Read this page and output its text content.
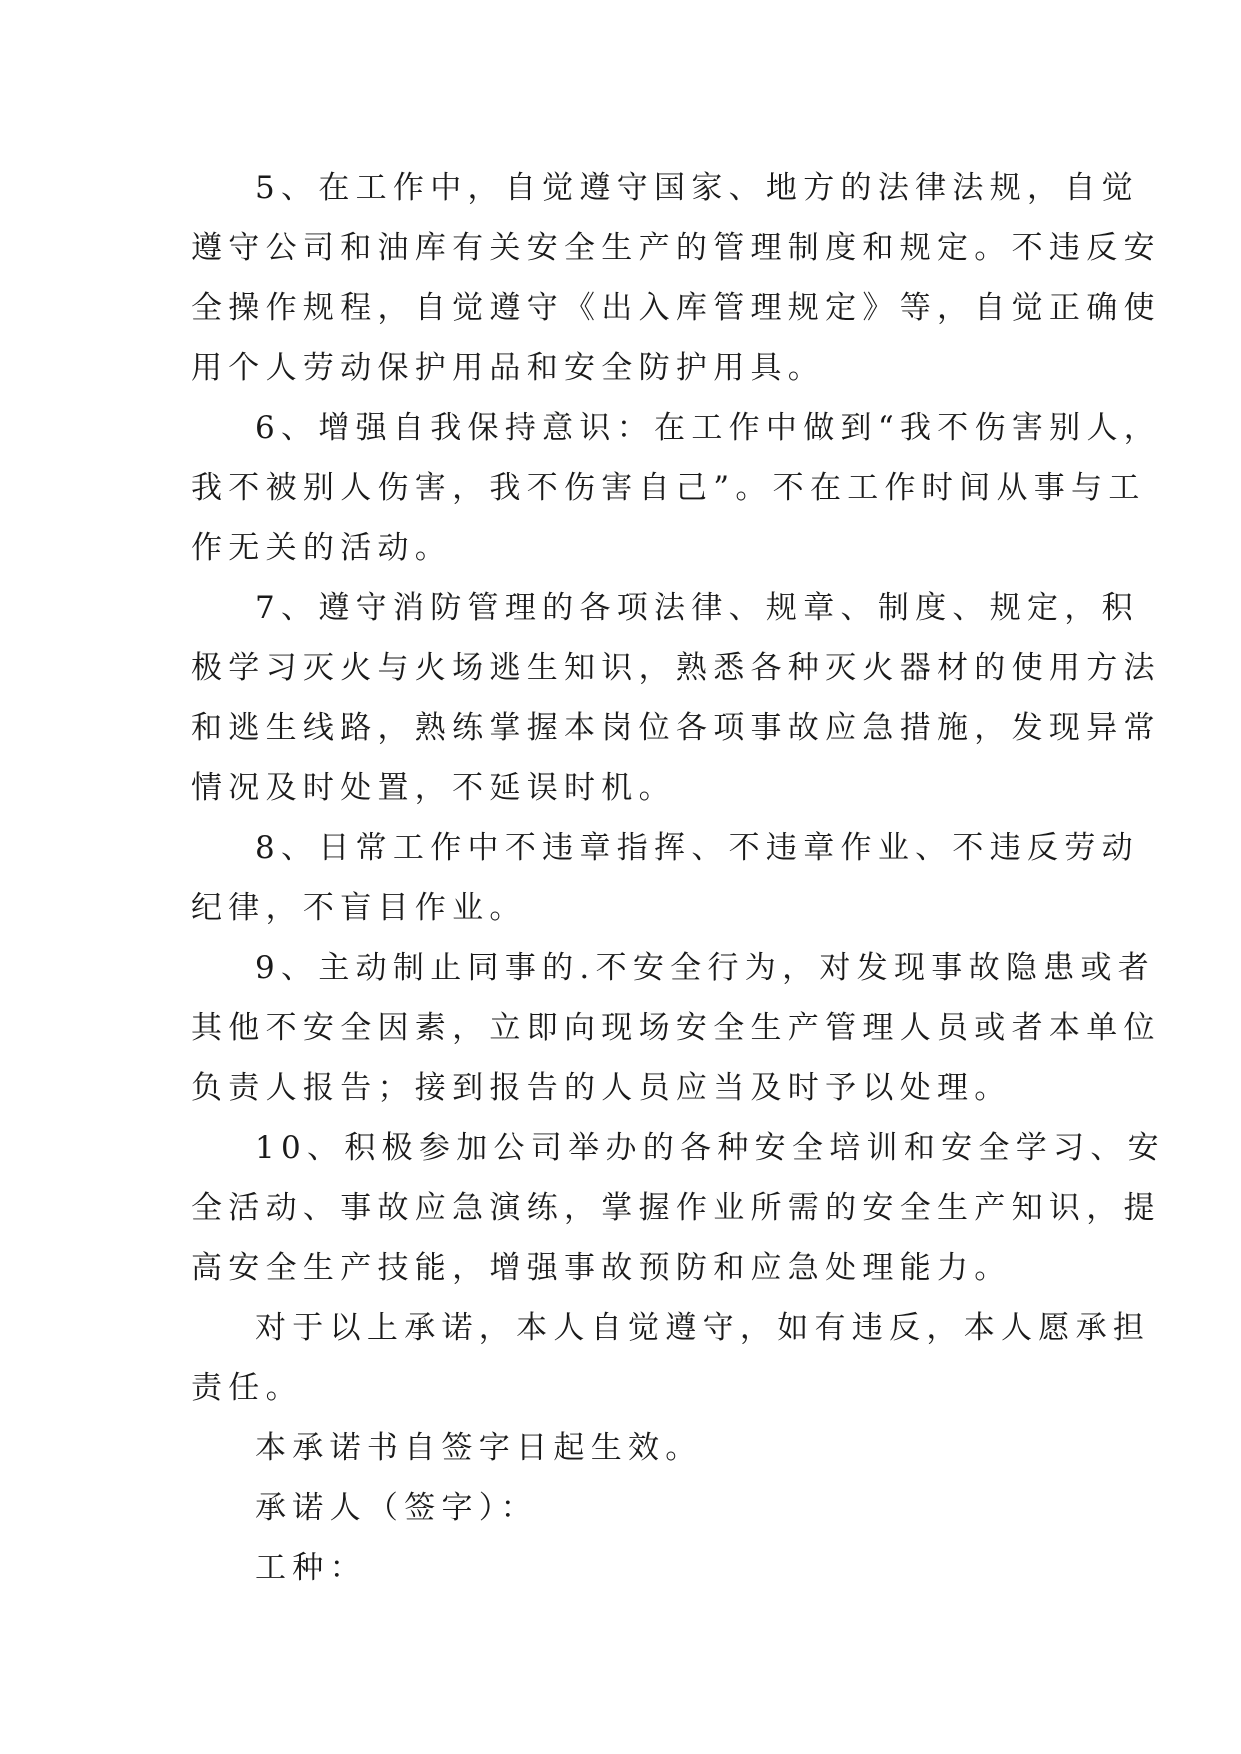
5、在工作中，自觉遵守国家、地方的法律法规，自觉
遵守公司和油库有关安全生产的管理制度和规定。不违反安
全操作规程，自觉遵守《出入库管理规定》等，自觉正确使
用个人劳动保护用品和安全防护用具。
6、增强自我保持意识：在工作中做到“我不伤害别人，
我不被别人伤害，我不伤害自己”。不在工作时间从事与工
作无关的活动。
7、遵守消防管理的各项法律、规章、制度、规定，积
极学习灭火与火场逃生知识，熟悉各种灭火器材的使用方法
和逃生线路，熟练掌握本岗位各项事故应急措施，发现异常
情况及时处置，不延误时机。
8、日常工作中不违章指挥、不违章作业、不违反劳动
纪律，不盲目作业。
9、主动制止同事的.不安全行为，对发现事故隐患或者
其他不安全因素，立即向现场安全生产管理人员或者本单位
负责人报告；接到报告的人员应当及时予以处理。
10、积极参加公司举办的各种安全培训和安全学习、安
全活动、事故应急演练，掌握作业所需的安全生产知识，提
高安全生产技能，增强事故预防和应急处理能力。
对于以上承诺，本人自觉遵守，如有违反，本人愿承担
责任。
本承诺书自签字日起生效。
承诺人（签字）：
工种：
